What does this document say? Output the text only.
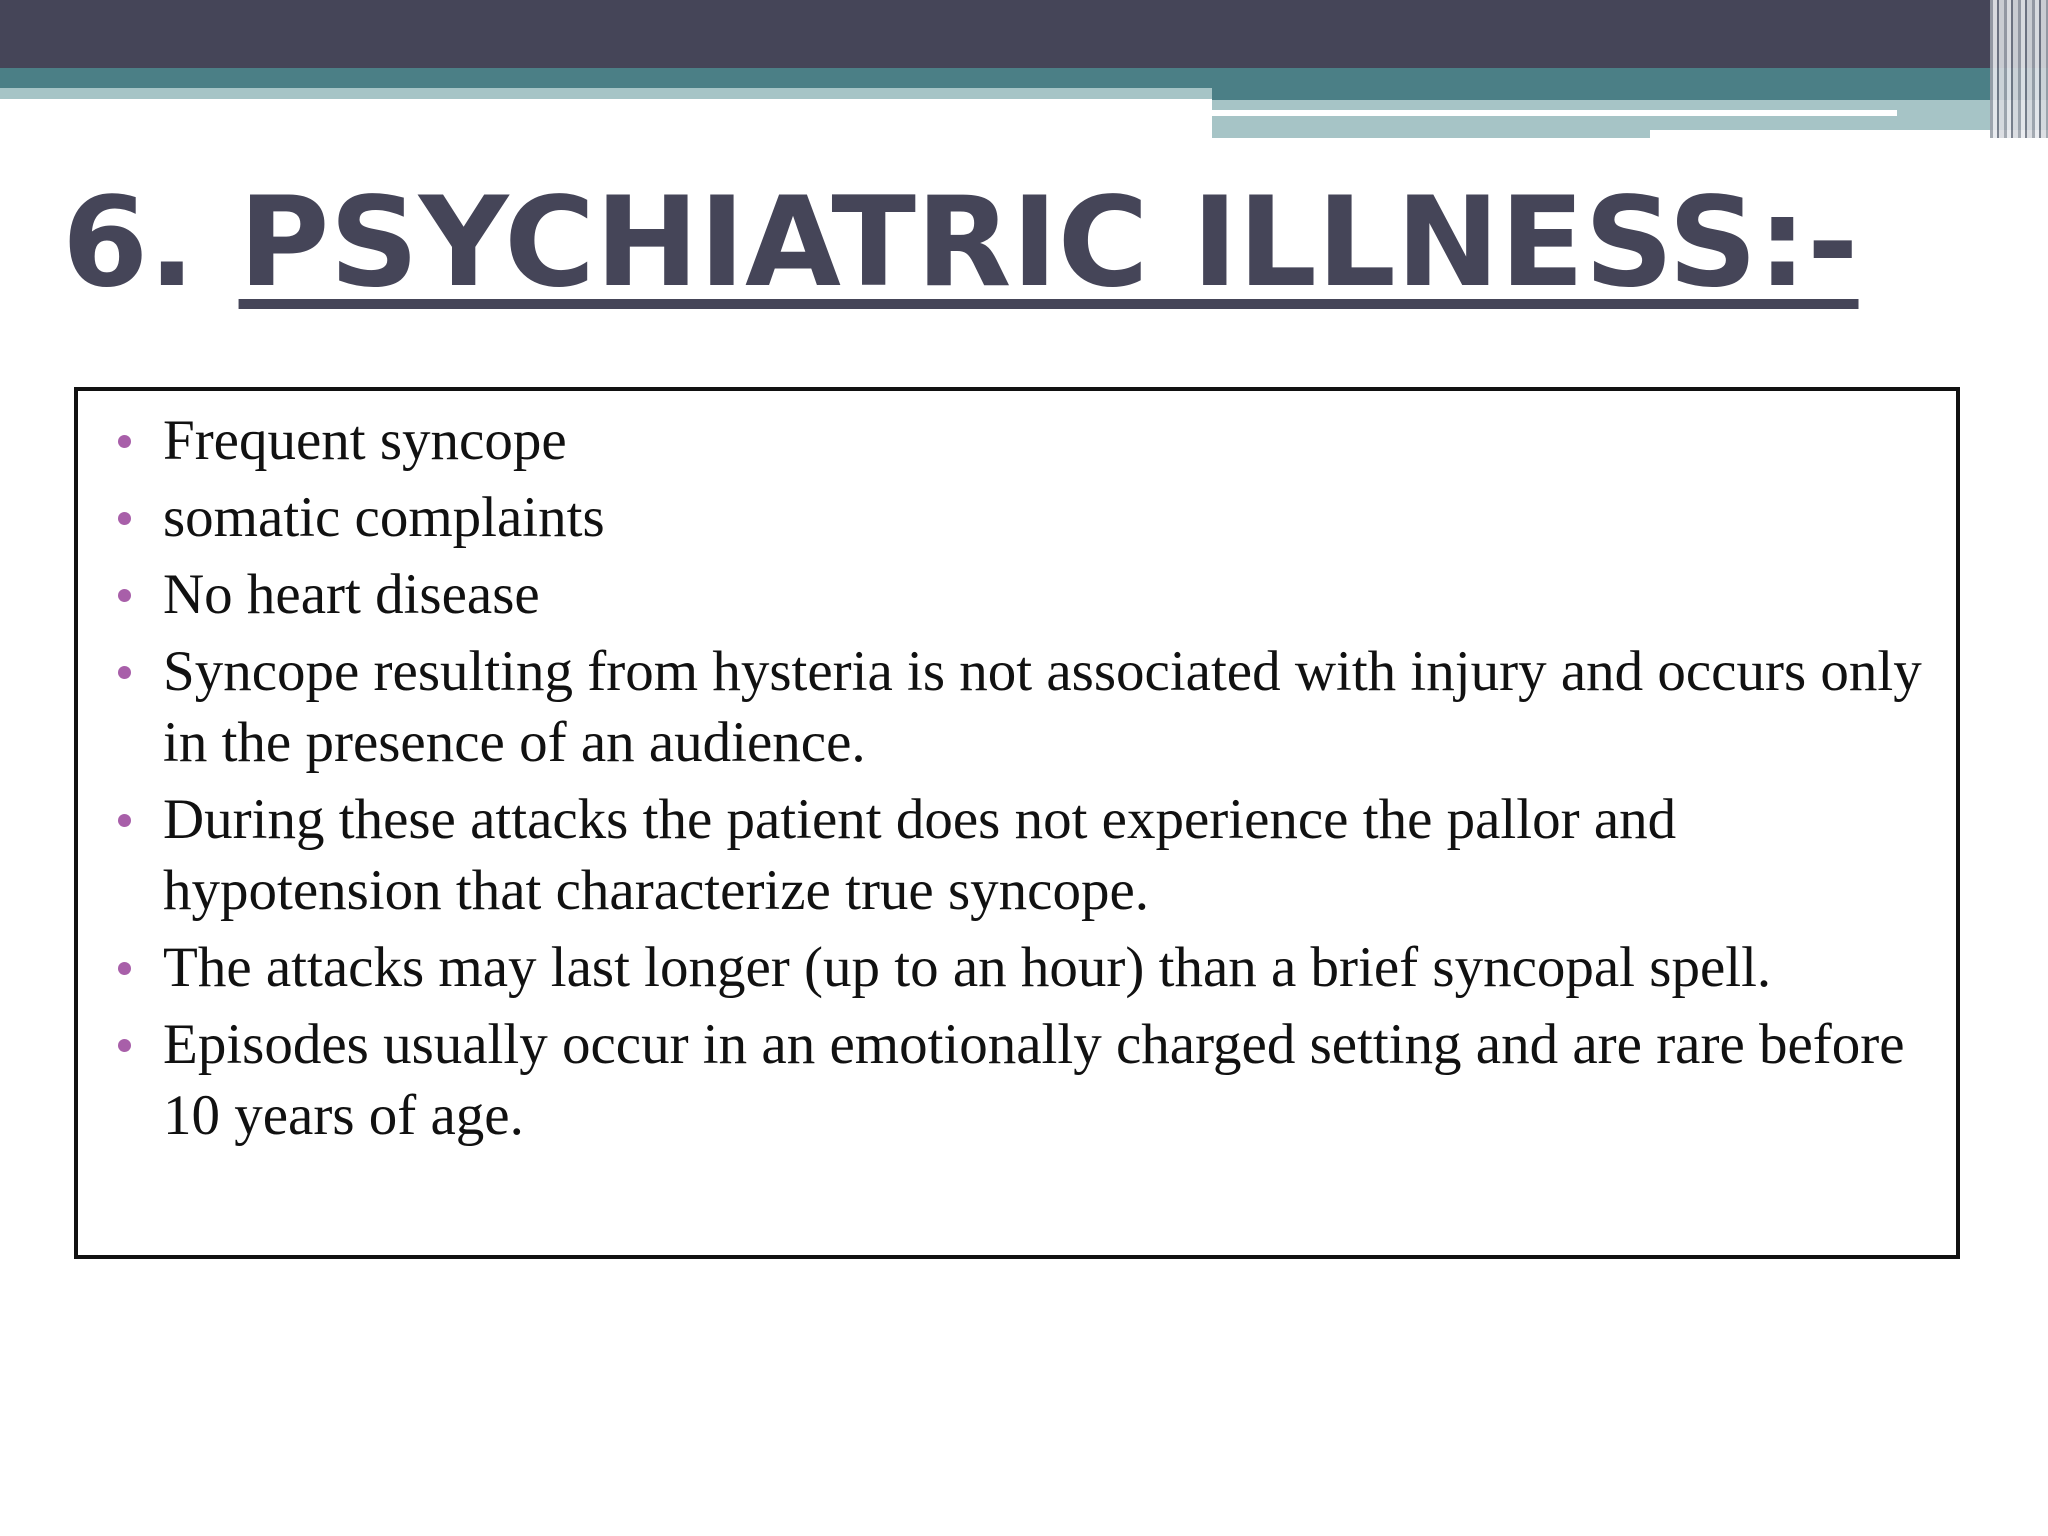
6. PSYCHIATRIC ILLNESS:-
Frequent syncope
somatic complaints
No heart disease
Syncope resulting from hysteria is not associated with injury and occurs only in the presence of an audience.
During these attacks the patient does not experience the pallor and hypotension that characterize true syncope.
The attacks may last longer (up to an hour) than a brief syncopal spell.
Episodes usually occur in an emotionally charged setting and are rare before 10 years of age.
